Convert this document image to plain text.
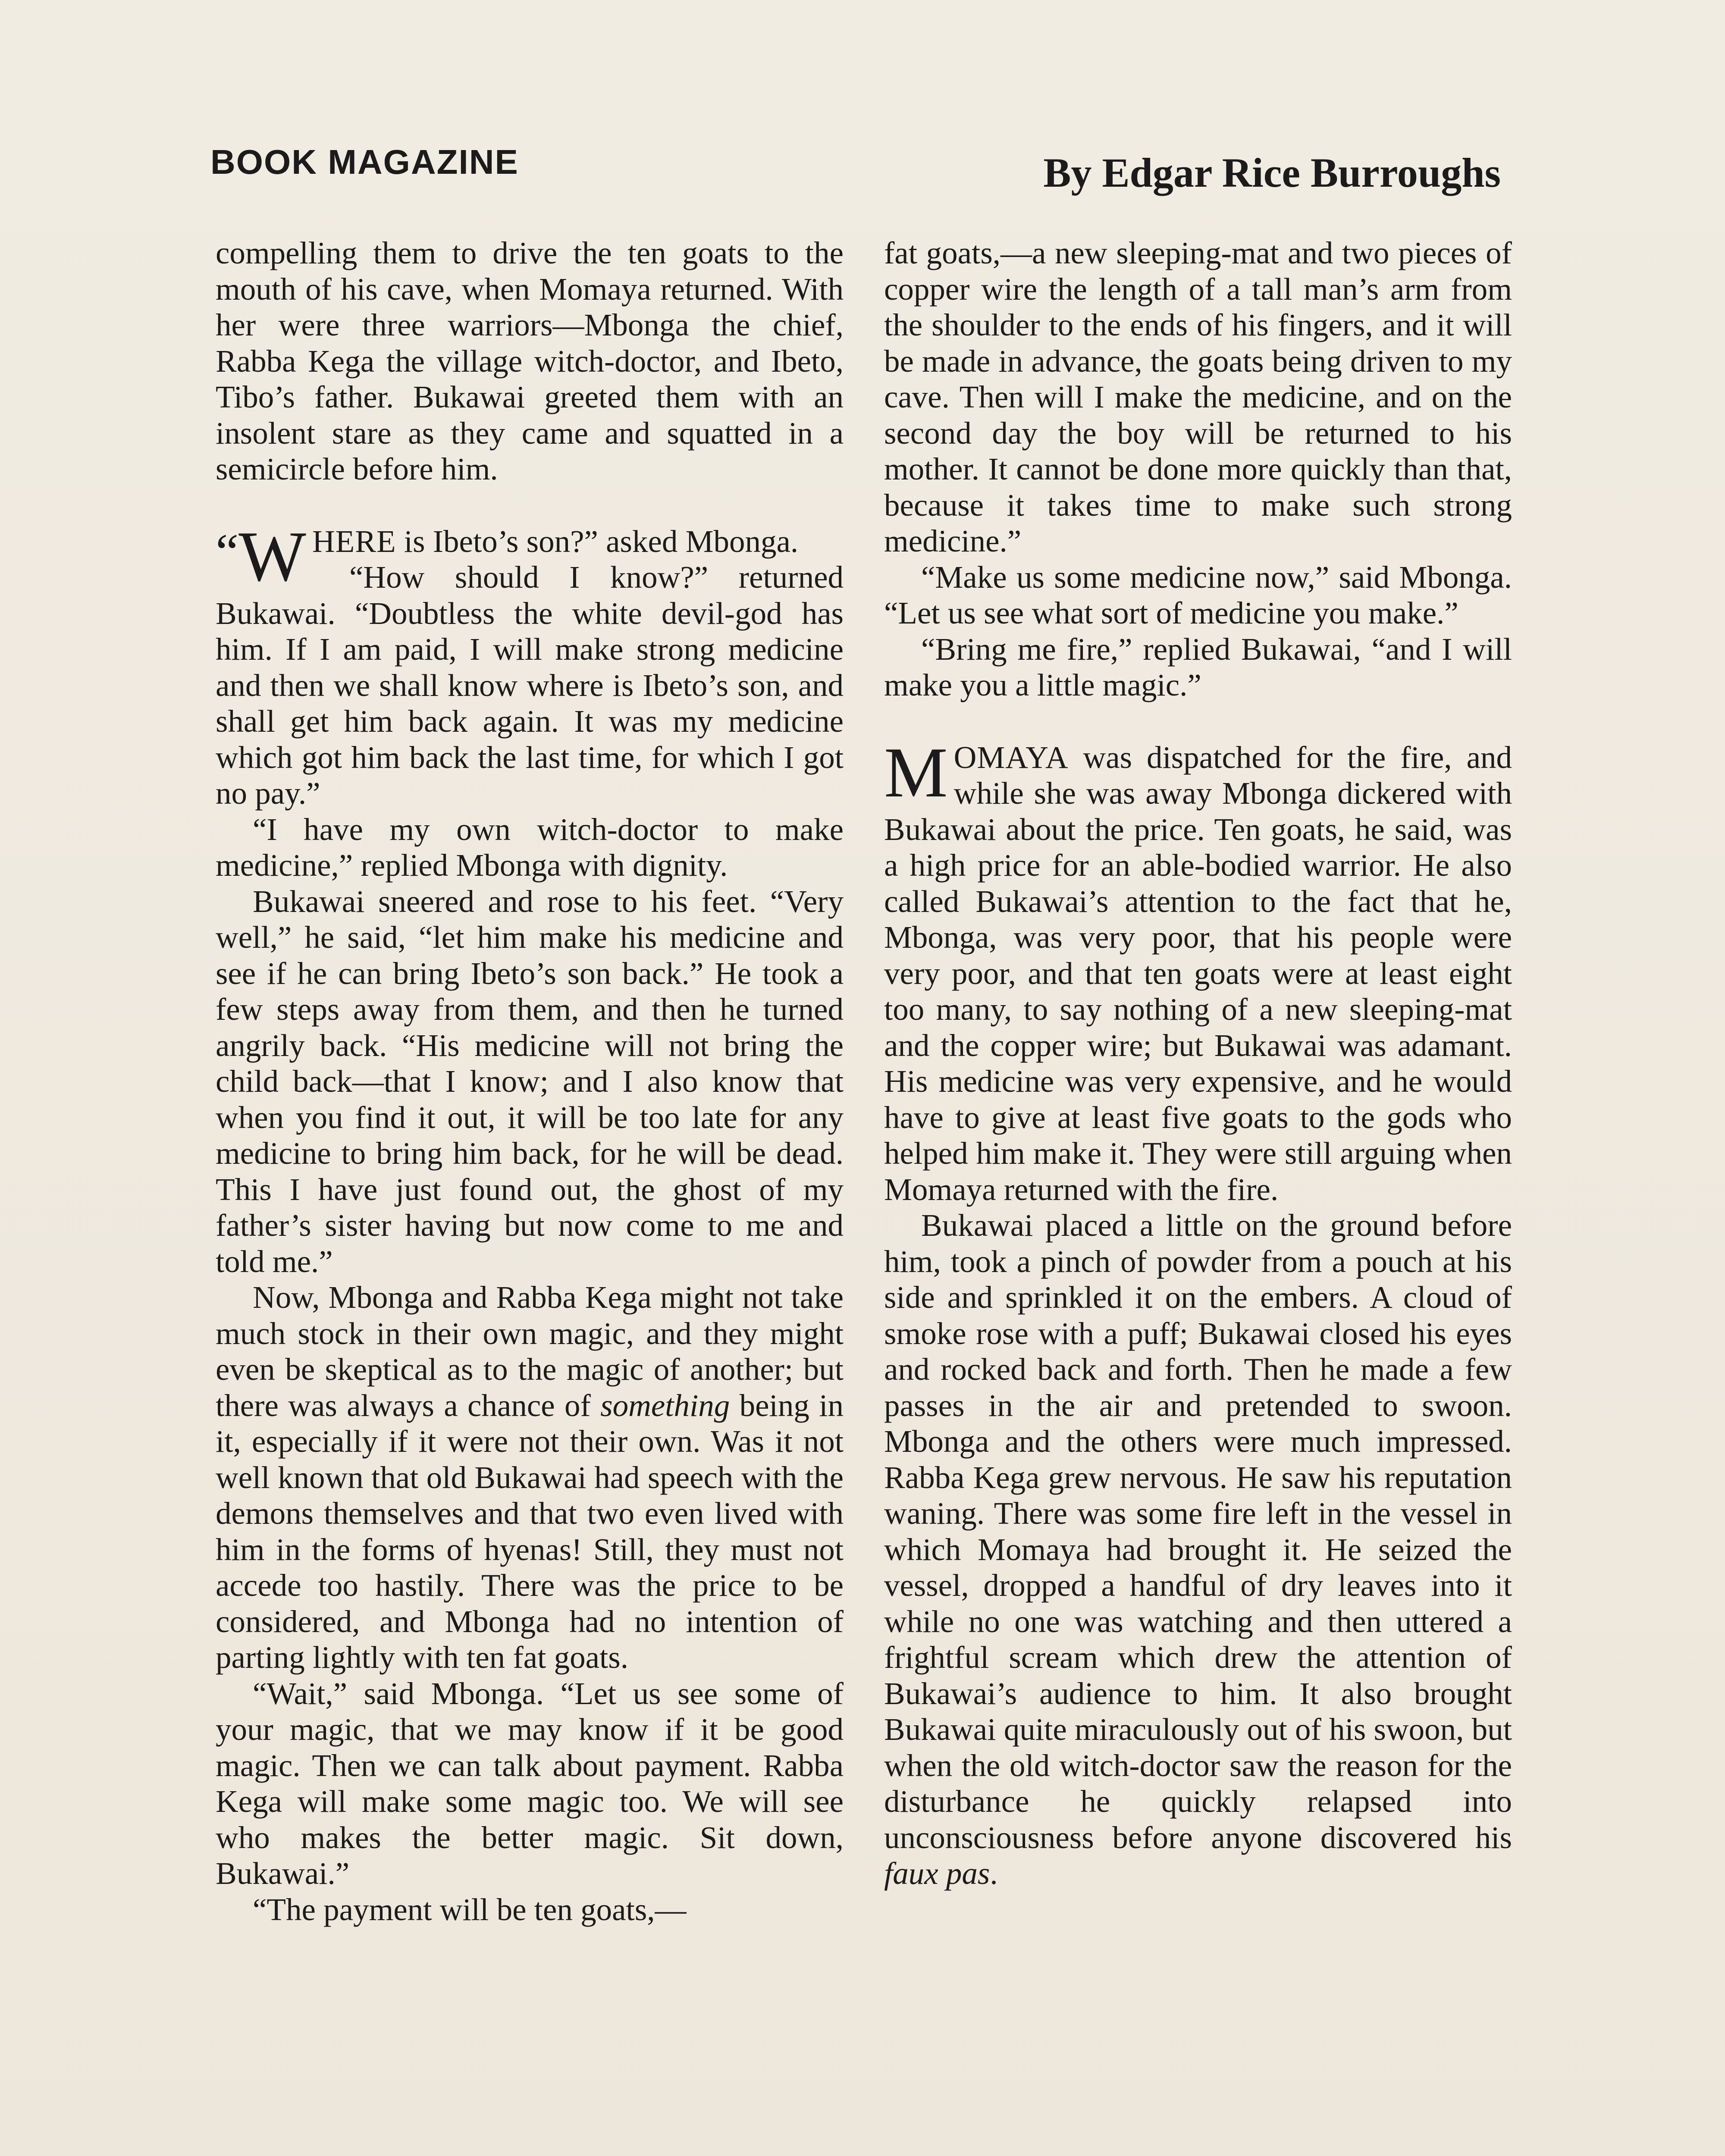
BOOK MAGAZINE	By Edgar Rice Burroughs

compelling them to drive the ten goats to the mouth of his cave, when Momaya returned. With her were three warriors—Mbonga the chief, Rabba Kega the village witch-doctor, and Ibeto, Tibo’s father. Bukawai greeted them with an insolent stare as they came and squatted in a semicircle before him.

“ W HERE is Ibeto’s son?” asked Mbonga.

“How should I know?” returned Bukawai. “Doubtless the white devil-god has him. If I am paid, I will make strong medicine and then we shall know where is Ibeto’s son, and shall get him back again. It was my medicine which got him back the last time, for which I got no pay.”

“I have my own witch-doctor to make medicine,” replied Mbonga with dignity.

Bukawai sneered and rose to his feet. “Very well,” he said, “let him make his medicine and see if he can bring Ibeto’s son back.” He took a few steps away from them, and then he turned angrily back. “His medicine will not bring the child back—that I know; and I also know that when you find it out, it will be too late for any medicine to bring him back, for he will be dead. This I have just found out, the ghost of my father’s sister having but now come to me and told me.”

Now, Mbonga and Rabba Kega might not take much stock in their own magic, and they might even be skeptical as to the magic of another; but there was always a chance of something being in it, especially if it were not their own. Was it not well known that old Bukawai had speech with the demons themselves and that two even lived with him in the forms of hyenas! Still, they must not accede too hastily. There was the price to be considered, and Mbonga had no intention of parting lightly with ten fat goats.

“Wait,” said Mbonga. “Let us see some of your magic, that we may know if it be good magic. Then we can talk about payment. Rabba Kega will make some magic too. We will see who makes the better magic. Sit down, Bukawai.”

“The payment will be ten goats,—

fat goats,—a new sleeping-mat and two pieces of copper wire the length of a tall man’s arm from the shoulder to the ends of his fingers, and it will be made in advance, the goats being driven to my cave. Then will I make the medicine, and on the second day the boy will be returned to his mother. It cannot be done more quickly than that, because it takes time to make such strong medicine.”

“Make us some medicine now,” said Mbonga. “Let us see what sort of medicine you make.”

“Bring me fire,” replied Bukawai, “and I will make you a little magic.”

MOMAYA was dispatched for the fire, and while she was away Mbonga dickered with Bukawai about the price. Ten goats, he said, was a high price for an able-bodied warrior. He also called Bukawai’s attention to the fact that he, Mbonga, was very poor, that his people were very poor, and that ten goats were at least eight too many, to say nothing of a new sleeping-mat and the copper wire; but Bukawai was adamant. His medicine was very expensive, and he would have to give at least five goats to the gods who helped him make it. They were still arguing when Momaya returned with the fire.

Bukawai placed a little on the ground before him, took a pinch of powder from a pouch at his side and sprinkled it on the embers. A cloud of smoke rose with a puff; Bukawai closed his eyes and rocked back and forth. Then he made a few passes in the air and pretended to swoon. Mbonga and the others were much impressed. Rabba Kega grew nervous. He saw his reputation waning. There was some fire left in the vessel in which Momaya had brought it. He seized the vessel, dropped a handful of dry leaves into it while no one was watching and then uttered a frightful scream which drew the attention of Bukawai’s audience to him. It also brought Bukawai quite miraculously out of his swoon, but when the old witch-doctor saw the reason for the disturbance he quickly relapsed into unconsciousness before anyone discovered his faux pas.
